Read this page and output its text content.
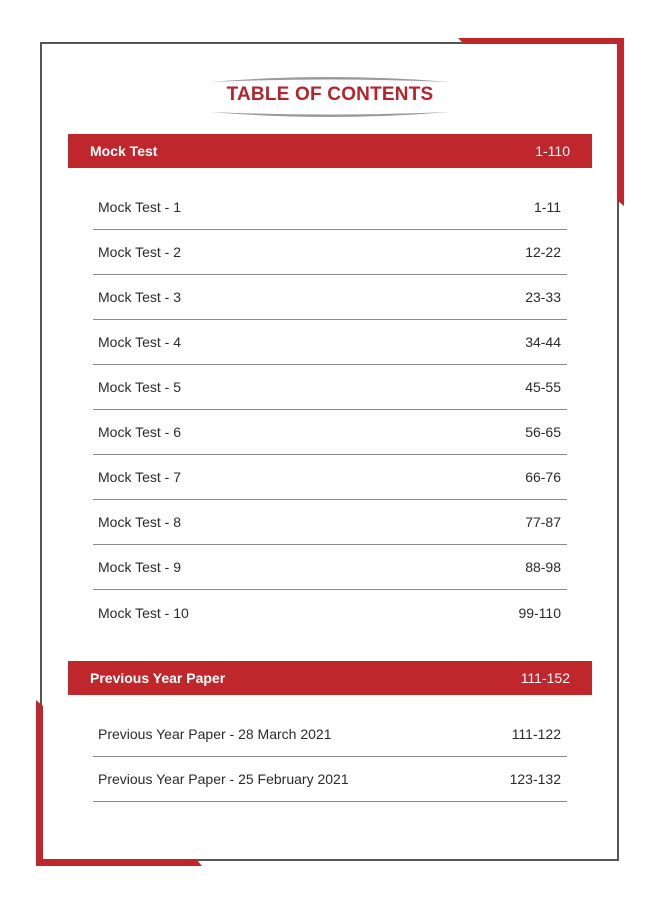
TABLE OF CONTENTS
Mock Test	1-110
Mock Test - 1	1-11
Mock Test - 2	12-22
Mock Test - 3	23-33
Mock Test - 4	34-44
Mock Test - 5	45-55
Mock Test - 6	56-65
Mock Test - 7	66-76
Mock Test - 8	77-87
Mock Test - 9	88-98
Mock Test - 10	99-110
Previous Year Paper	111-152
Previous Year Paper - 28 March 2021	111-122
Previous Year Paper - 25 February 2021	123-132
